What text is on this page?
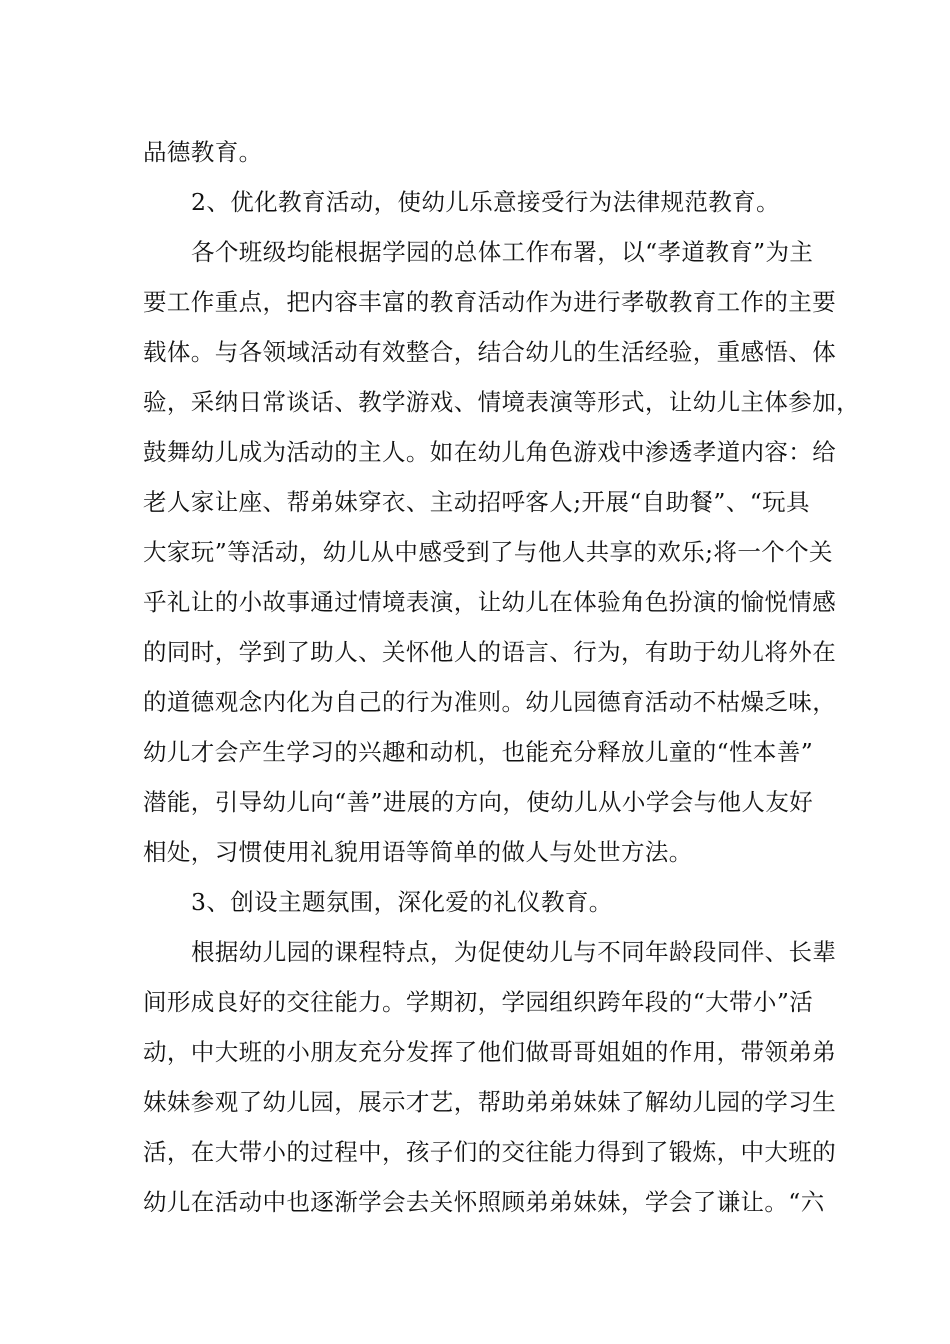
品德教育。
2、优化教育活动，使幼儿乐意接受行为法律规范教育。
各个班级均能根据学园的总体工作布署，以“孝道教育”为主
要工作重点，把内容丰富的教育活动作为进行孝敬教育工作的主要
载体。与各领域活动有效整合，结合幼儿的生活经验，重感悟、体
验，采纳日常谈话、教学游戏、情境表演等形式，让幼儿主体参加，
鼓舞幼儿成为活动的主人。如在幼儿角色游戏中渗透孝道内容：给
老人家让座、帮弟妹穿衣、主动招呼客人;开展“自助餐”、“玩具
大家玩”等活动，幼儿从中感受到了与他人共享的欢乐;将一个个关
乎礼让的小故事通过情境表演，让幼儿在体验角色扮演的愉悦情感
的同时，学到了助人、关怀他人的语言、行为，有助于幼儿将外在
的道德观念内化为自己的行为准则。幼儿园德育活动不枯燥乏味，
幼儿才会产生学习的兴趣和动机，也能充分释放儿童的“性本善”
潜能，引导幼儿向“善”进展的方向，使幼儿从小学会与他人友好
相处，习惯使用礼貌用语等简单的做人与处世方法。
3、创设主题氛围，深化爱的礼仪教育。
根据幼儿园的课程特点，为促使幼儿与不同年龄段同伴、长辈
间形成良好的交往能力。学期初，学园组织跨年段的“大带小”活
动，中大班的小朋友充分发挥了他们做哥哥姐姐的作用，带领弟弟
妹妹参观了幼儿园，展示才艺，帮助弟弟妹妹了解幼儿园的学习生
活，在大带小的过程中，孩子们的交往能力得到了锻炼，中大班的
幼儿在活动中也逐渐学会去关怀照顾弟弟妹妹，学会了谦让。“六
